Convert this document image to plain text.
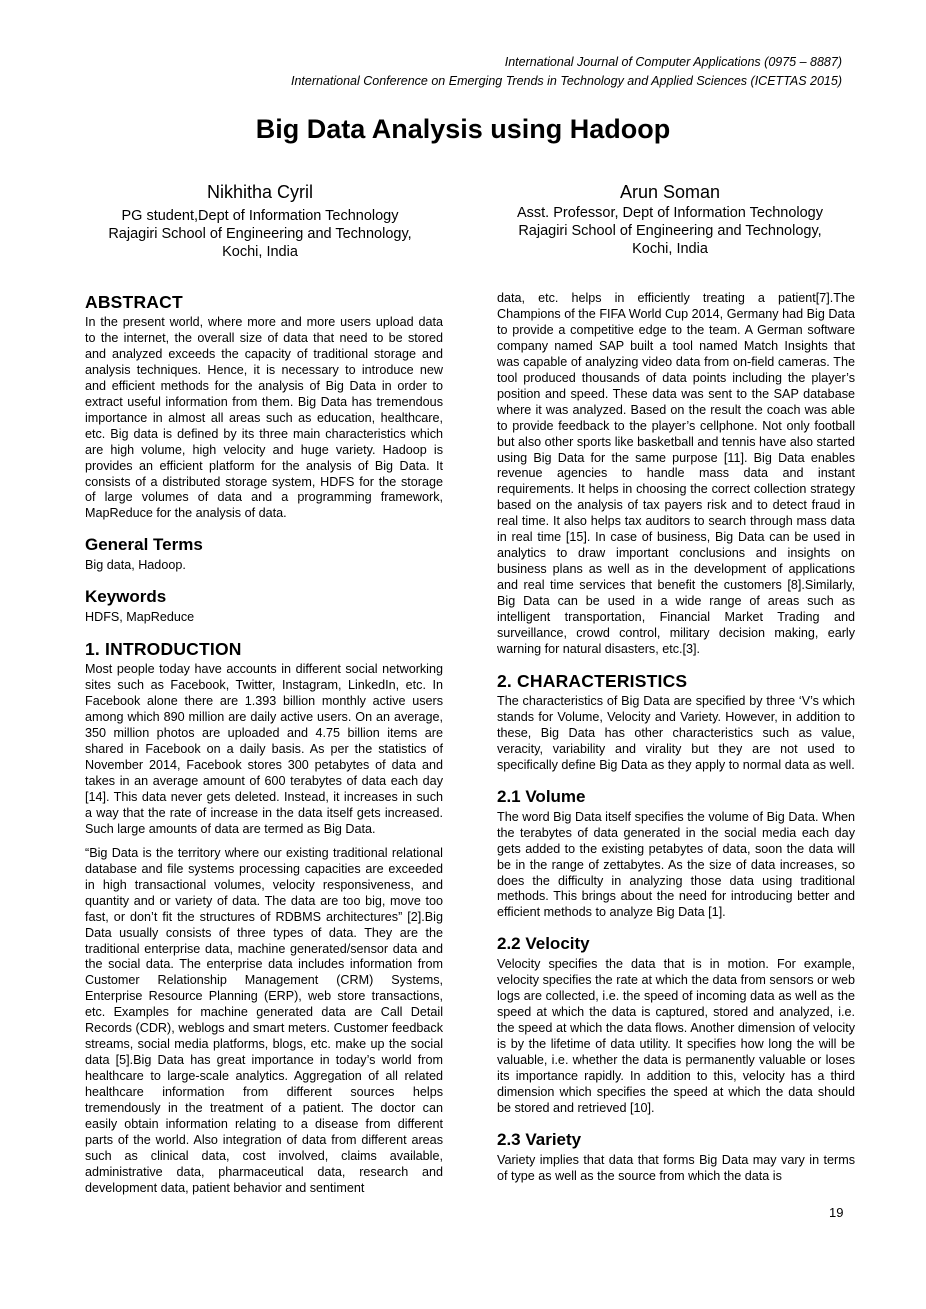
International Journal of Computer Applications (0975 – 8887)
International Conference on Emerging Trends in Technology and Applied Sciences (ICETTAS 2015)
Big Data Analysis using Hadoop
Nikhitha Cyril
PG student,Dept of Information Technology
Rajagiri School of Engineering and Technology,
Kochi, India
Arun Soman
Asst. Professor, Dept of Information Technology
Rajagiri School of Engineering and Technology,
Kochi, India
ABSTRACT

In the present world, where more and more users upload data to the internet, the overall size of data that need to be stored and analyzed exceeds the capacity of traditional storage and analysis techniques. Hence, it is necessary to introduce new and efficient methods for the analysis of Big Data in order to extract useful information from them. Big Data has tremendous importance in almost all areas such as education, healthcare, etc. Big data is defined by its three main characteristics which are high volume, high velocity and huge variety. Hadoop is provides an efficient platform for the analysis of Big Data. It consists of a distributed storage system, HDFS for the storage of large volumes of data and a programming framework, MapReduce for the analysis of data.

General Terms

Big data, Hadoop.

Keywords

HDFS, MapReduce

1. INTRODUCTION

Most people today have accounts in different social networking sites such as Facebook, Twitter, Instagram, LinkedIn, etc. In Facebook alone there are 1.393 billion monthly active users among which 890 million are daily active users. On an average, 350 million photos are uploaded and 4.75 billion items are shared in Facebook on a daily basis. As per the statistics of November 2014, Facebook stores 300 petabytes of data and takes in an average amount of 600 terabytes of data each day [14]. This data never gets deleted. Instead, it increases in such a way that the rate of increase in the data itself gets increased. Such large amounts of data are termed as Big Data.

“Big Data is the territory where our existing traditional relational database and file systems processing capacities are exceeded in high transactional volumes, velocity responsiveness, and quantity and or variety of data. The data are too big, move too fast, or don’t fit the structures of RDBMS architectures” [2].Big Data usually consists of three types of data. They are the traditional enterprise data, machine generated/sensor data and the social data. The enterprise data includes information from Customer Relationship Management (CRM) Systems, Enterprise Resource Planning (ERP), web store transactions, etc. Examples for machine generated data are Call Detail Records (CDR), weblogs and smart meters. Customer feedback streams, social media platforms, blogs, etc. make up the social data [5].Big Data has great importance in today’s world from healthcare to large-scale analytics. Aggregation of all related healthcare information from different sources helps tremendously in the treatment of a patient. The doctor can easily obtain information relating to a disease from different parts of the world. Also integration of data from different areas such as clinical data, cost involved, claims available, administrative data, pharmaceutical data, research and development data, patient behavior and sentiment

data, etc. helps in efficiently treating a patient[7].The Champions of the FIFA World Cup 2014, Germany had Big Data to provide a competitive edge to the team. A German software company named SAP built a tool named Match Insights that was capable of analyzing video data from on-field cameras. The tool produced thousands of data points including the player’s position and speed. These data was sent to the SAP database where it was analyzed. Based on the result the coach was able to provide feedback to the player’s cellphone. Not only football but also other sports like basketball and tennis have also started using Big Data for the same purpose [11]. Big Data enables revenue agencies to handle mass data and instant requirements. It helps in choosing the correct collection strategy based on the analysis of tax payers risk and to detect fraud in real time. It also helps tax auditors to search through mass data in real time [15]. In case of business, Big Data can be used in analytics to draw important conclusions and insights on business plans as well as in the development of applications and real time services that benefit the customers [8].Similarly, Big Data can be used in a wide range of areas such as intelligent transportation, Financial Market Trading and surveillance, crowd control, military decision making, early warning for natural disasters, etc.[3].

2. CHARACTERISTICS

The characteristics of Big Data are specified by three ‘V’s which stands for Volume, Velocity and Variety. However, in addition to these, Big Data has other characteristics such as value, veracity, variability and virality but they are not used to specifically define Big Data as they apply to normal data as well.

2.1 Volume

The word Big Data itself specifies the volume of Big Data. When the terabytes of data generated in the social media each day gets added to the existing petabytes of data, soon the data will be in the range of zettabytes. As the size of data increases, so does the difficulty in analyzing those data using traditional methods. This brings about the need for introducing better and efficient methods to analyze Big Data [1].

2.2 Velocity

Velocity specifies the data that is in motion. For example, velocity specifies the rate at which the data from sensors or web logs are collected, i.e. the speed of incoming data as well as the speed at which the data is captured, stored and analyzed, i.e. the speed at which the data flows. Another dimension of velocity is by the lifetime of data utility. It specifies how long the will be valuable, i.e. whether the data is permanently valuable or loses its importance rapidly. In addition to this, velocity has a third dimension which specifies the speed at which the data should be stored and retrieved [10].

2.3 Variety

Variety implies that data that forms Big Data may vary in terms of type as well as the source from which the data is

19
